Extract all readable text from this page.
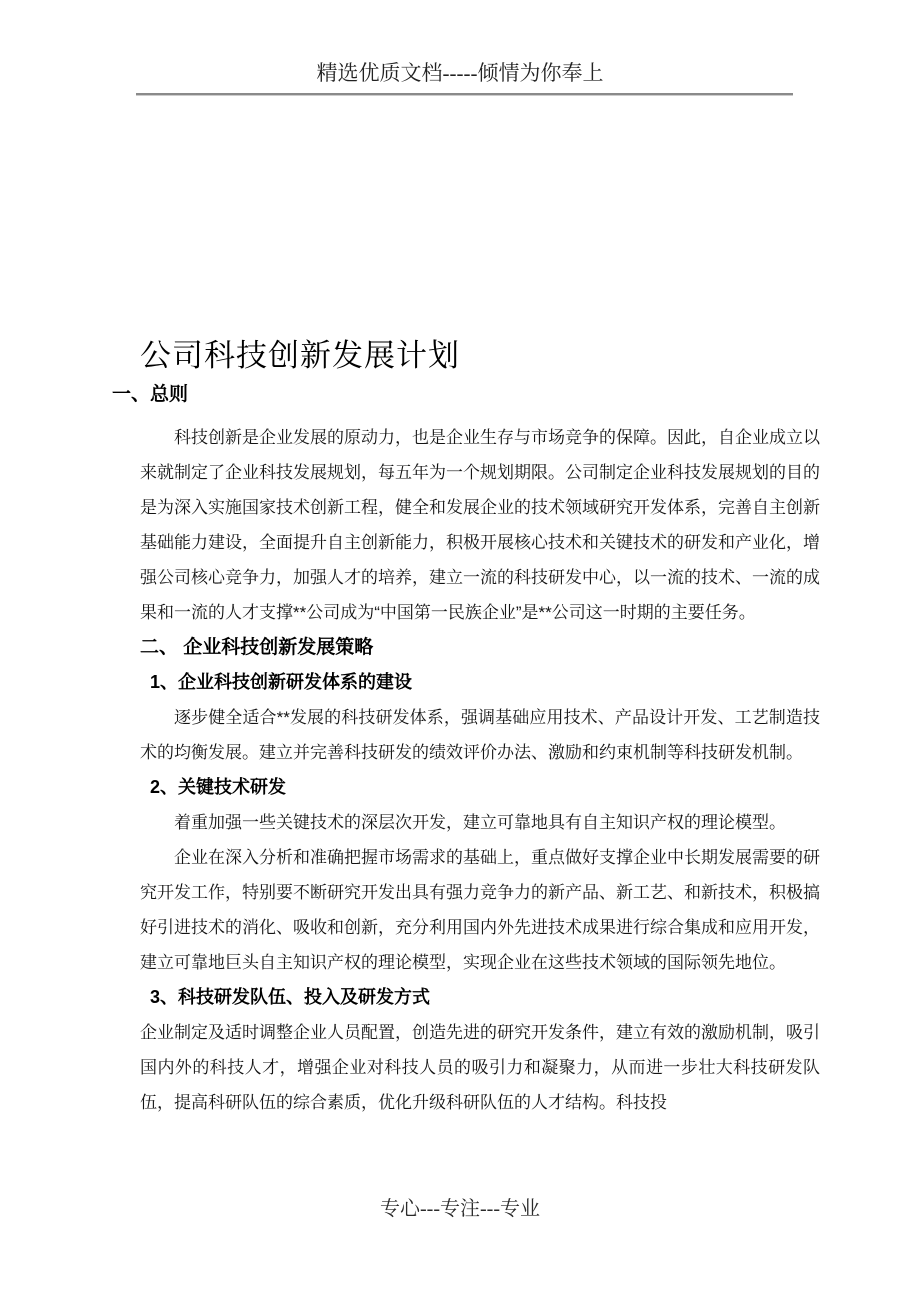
精选优质文档-----倾情为你奉上
公司科技创新发展计划
一、总则

科技创新是企业发展的原动力，也是企业生存与市场竞争的保障。因此，自企业成立以来就制定了企业科技发展规划，每五年为一个规划期限。公司制定企业科技发展规划的目的是为深入实施国家技术创新工程，健全和发展企业的技术领域研究开发体系，完善自主创新基础能力建设，全面提升自主创新能力，积极开展核心技术和关键技术的研发和产业化，增强公司核心竞争力，加强人才的培养，建立一流的科技研发中心，以一流的技术、一流的成果和一流的人才支撑**公司成为“中国第一民族企业”是**公司这一时期的主要任务。

二、 企业科技创新发展策略
1、企业科技创新研发体系的建设

逐步健全适合**发展的科技研发体系，强调基础应用技术、产品设计开发、工艺制造技术的均衡发展。建立并完善科技研发的绩效评价办法、激励和约束机制等科技研发机制。

2、关键技术研发

着重加强一些关键技术的深层次开发，建立可靠地具有自主知识产权的理论模型。

企业在深入分析和准确把握市场需求的基础上，重点做好支撑企业中长期发展需要的研究开发工作，特别要不断研究开发出具有强力竞争力的新产品、新工艺、和新技术，积极搞好引进技术的消化、吸收和创新，充分利用国内外先进技术成果进行综合集成和应用开发，建立可靠地巨头自主知识产权的理论模型，实现企业在这些技术领域的国际领先地位。

3、科技研发队伍、投入及研发方式

企业制定及适时调整企业人员配置，创造先进的研究开发条件，建立有效的激励机制，吸引国内外的科技人才，增强企业对科技人员的吸引力和凝聚力，从而进一步壮大科技研发队伍，提高科研队伍的综合素质，优化升级科研队伍的人才结构。科技投

专心---专注---专业
